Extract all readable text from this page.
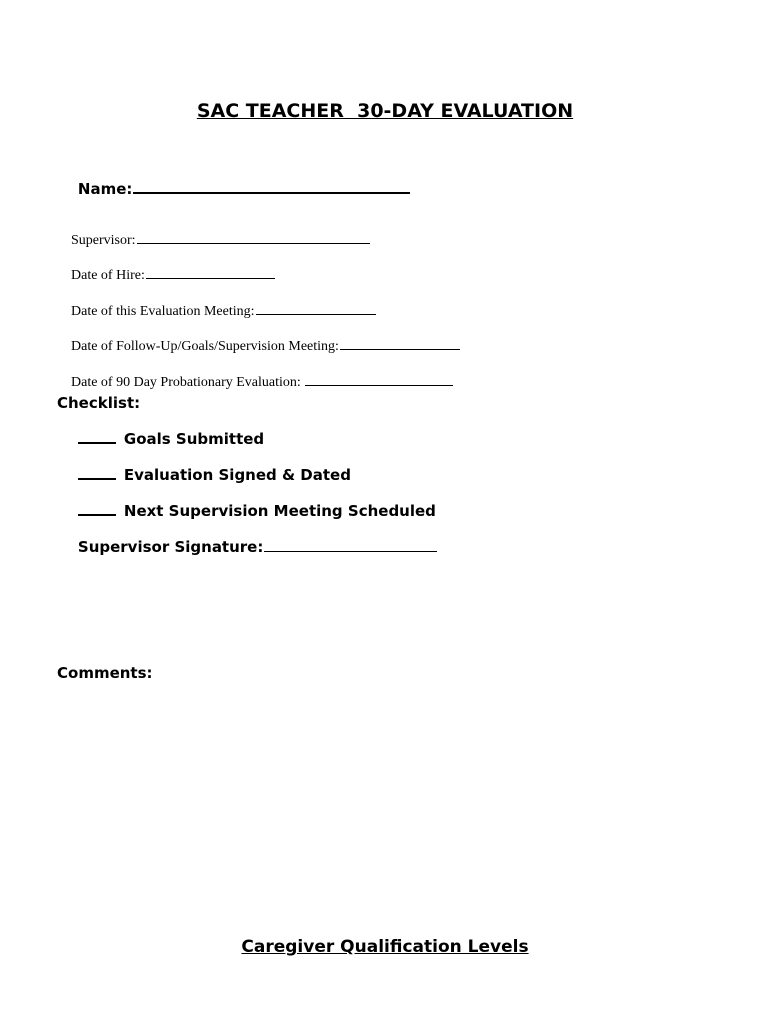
SAC TEACHER  30-DAY EVALUATION

Name:

Supervisor:

Date of Hire:

Date of this Evaluation Meeting:

Date of Follow-Up/Goals/Supervision Meeting:

Date of 90 Day Probationary Evaluation:

Checklist:

Goals Submitted

Evaluation Signed & Dated

Next Supervision Meeting Scheduled

Supervisor Signature:

Comments:
Caregiver Qualification Levels
